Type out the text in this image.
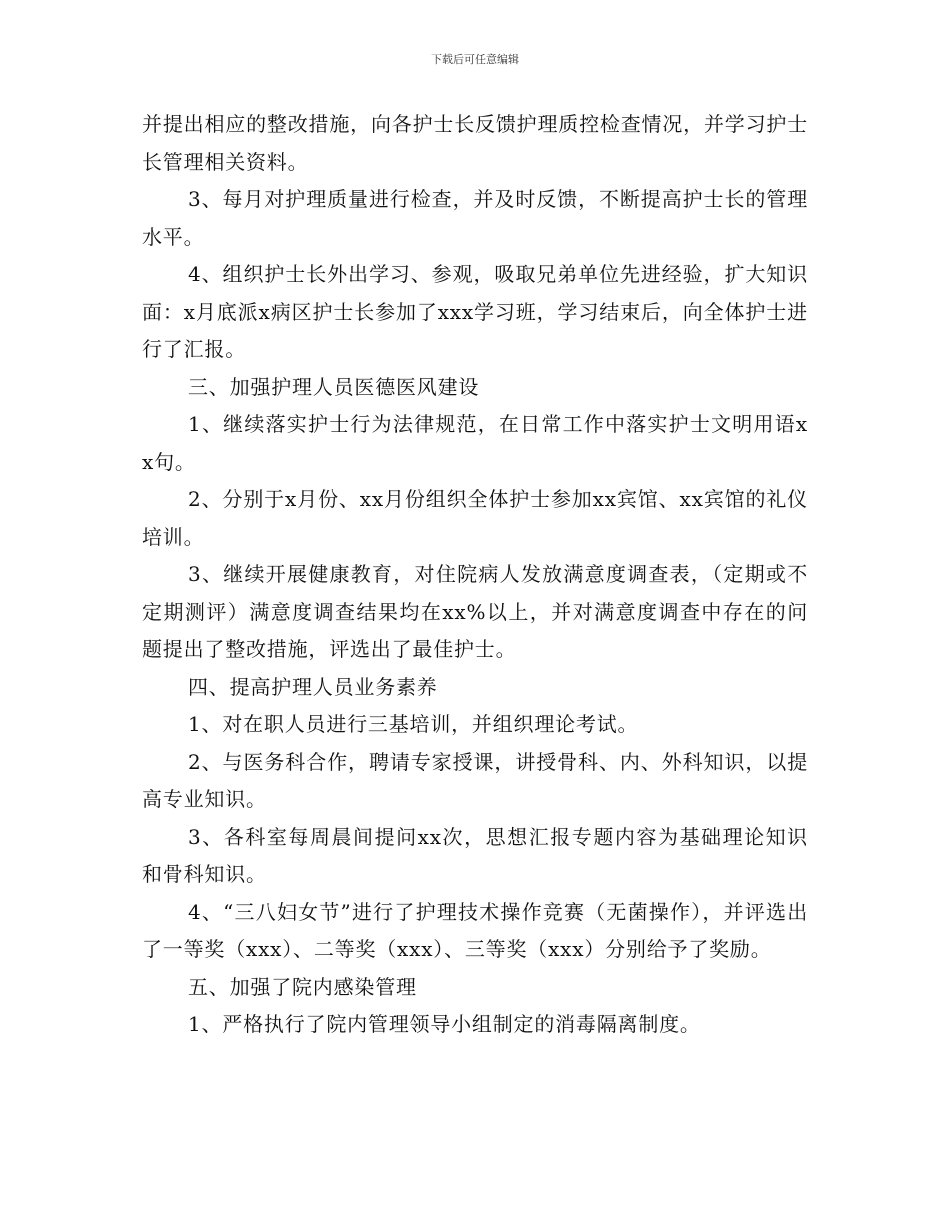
下载后可任意编辑

并提出相应的整改措施，向各护士长反馈护理质控检查情况，并学习护士长管理相关资料。

3、每月对护理质量进行检查，并及时反馈，不断提高护士长的管理水平。

4、组织护士长外出学习、参观，吸取兄弟单位先进经验，扩大知识面：x月底派x病区护士长参加了xxx学习班，学习结束后，向全体护士进行了汇报。

三、加强护理人员医德医风建设

1、继续落实护士行为法律规范，在日常工作中落实护士文明用语xx句。

2、分别于x月份、xx月份组织全体护士参加xx宾馆、xx宾馆的礼仪培训。

3、继续开展健康教育，对住院病人发放满意度调查表，（定期或不定期测评）满意度调查结果均在xx%以上，并对满意度调查中存在的问题提出了整改措施，评选出了最佳护士。

四、提高护理人员业务素养

1、对在职人员进行三基培训，并组织理论考试。

2、与医务科合作，聘请专家授课，讲授骨科、内、外科知识，以提高专业知识。

3、各科室每周晨间提问xx次，思想汇报专题内容为基础理论知识和骨科知识。

4、“三八妇女节”进行了护理技术操作竞赛（无菌操作），并评选出了一等奖（xxx）、二等奖（xxx）、三等奖（xxx）分别给予了奖励。

五、加强了院内感染管理

1、严格执行了院内管理领导小组制定的消毒隔离制度。
